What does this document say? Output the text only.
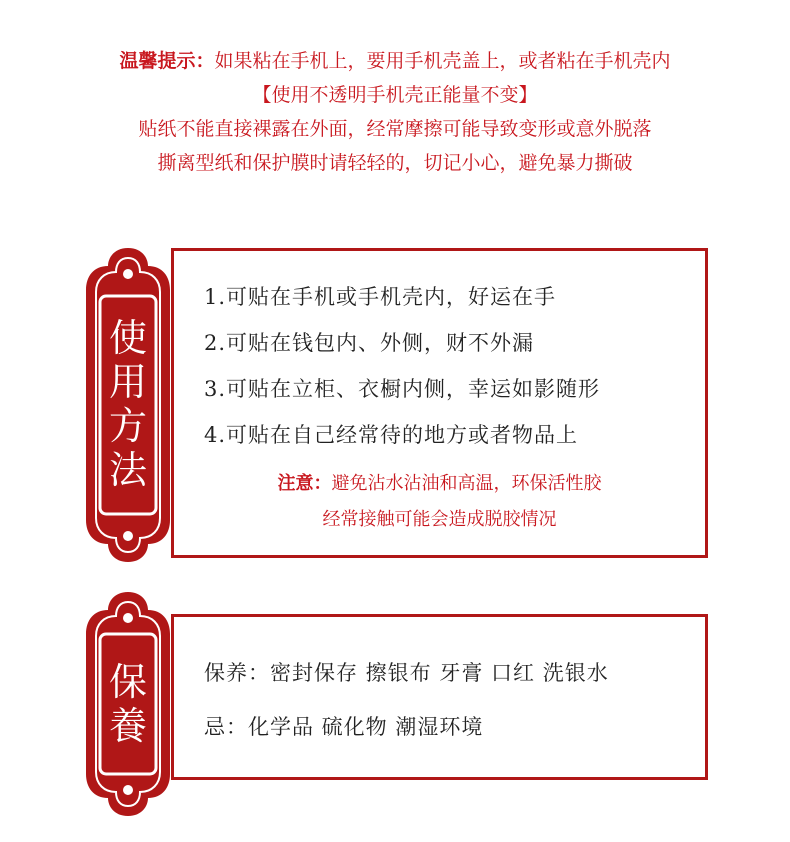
温馨提示：如果粘在手机上，要用手机壳盖上，或者粘在手机壳内
【使用不透明手机壳正能量不变】
贴纸不能直接裸露在外面，经常摩擦可能导致变形或意外脱落
撕离型纸和保护膜时请轻轻的，切记小心，避免暴力撕破
1.可贴在手机或手机壳内，好运在手
2.可贴在钱包内、外侧，财不外漏
3.可贴在立柜、衣橱内侧，幸运如影随形
4.可贴在自己经常待的地方或者物品上
注意：避免沾水沾油和高温，环保活性胶
经常接触可能会造成脱胶情况
使
用
方
法
保养：密封保存 擦银布 牙膏 口红 洗银水
忌：化学品 硫化物 潮湿环境
保
養
